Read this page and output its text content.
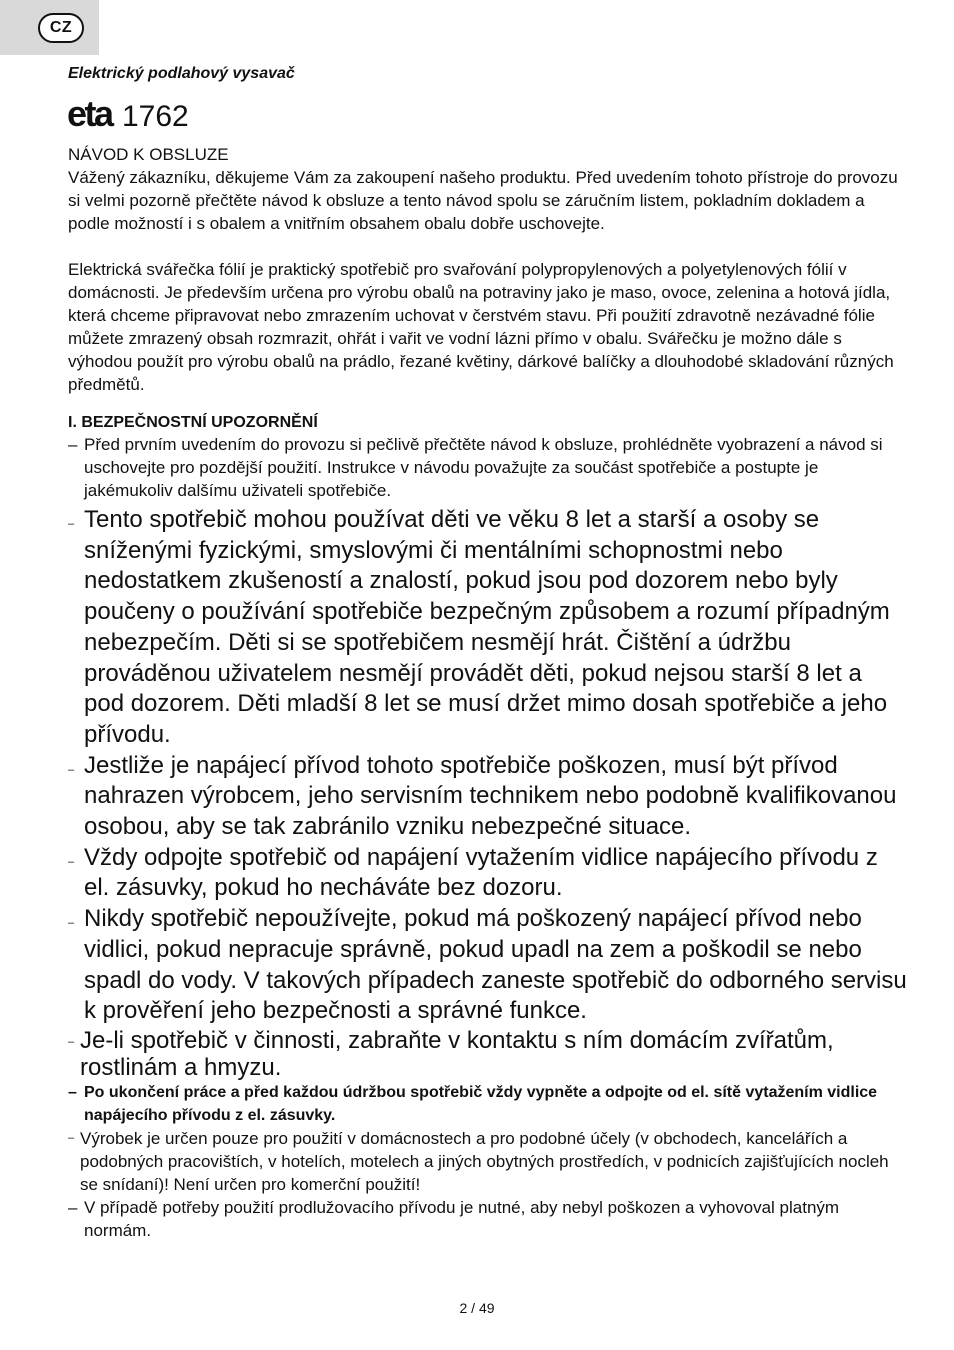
CZ
Elektrický podlahový vysavač
eta 1762

NÁVOD K OBSLUZE

Vážený zákazníku, děkujeme Vám za zakoupení našeho produktu. Před uvedením tohoto přístroje do provozu si velmi pozorně přečtěte návod k obsluze a tento návod spolu se záručním listem, pokladním dokladem a podle možností i s obalem a vnitřním obsahem obalu dobře uschovejte.

Elektrická svářečka fólií je praktický spotřebič pro svařování polypropylenových a polyetylenových fólií v domácnosti. Je především určena pro výrobu obalů na potraviny jako je maso, ovoce, zelenina a hotová jídla, která chceme připravovat nebo zmrazením uchovat v čerstvém stavu. Při použití zdravotně nezávadné fólie můžete zmrazený obsah rozmrazit, ohřát i vařit ve vodní lázni přímo v obalu. Svářečku je možno dále s výhodou použít pro výrobu obalů na prádlo, řezané květiny, dárkové balíčky a dlouhodobé skladování různých předmětů.

I. BEZPEČNOSTNÍ UPOZORNĚNÍ

– Před prvním uvedením do provozu si pečlivě přečtěte návod k obsluze, prohlédněte vyobrazení a návod si uschovejte pro pozdější použití. Instrukce v návodu považujte za součást spotřebiče a postupte je jakémukoliv dalšímu uživateli spotřebiče.
– Tento spotřebič mohou používat děti ve věku 8 let a starší a osoby se sníženými fyzickými, smyslovými či mentálními schopnostmi nebo nedostatkem zkušeností a znalostí, pokud jsou pod dozorem nebo byly poučeny o používání spotřebiče bezpečným způsobem a rozumí případným nebezpečím. Děti si se spotřebičem nesmějí hrát. Čištění a údržbu prováděnou uživatelem nesmějí provádět děti, pokud nejsou starší 8 let a pod dozorem. Děti mladší 8 let se musí držet mimo dosah spotřebiče a jeho přívodu.
– Jestliže je napájecí přívod tohoto spotřebiče poškozen, musí být přívod nahrazen výrobcem, jeho servisním technikem nebo podobně kvalifikovanou osobou, aby se tak zabránilo vzniku nebezpečné situace.
– Vždy odpojte spotřebič od napájení vytažením vidlice napájecího přívodu z el. zásuvky, pokud ho necháváte bez dozoru.
– Nikdy spotřebič nepoužívejte, pokud má poškozený napájecí přívod nebo vidlici, pokud nepracuje správně, pokud upadl na zem a poškodil se nebo spadl do vody. V takových případech zaneste spotřebič do odborného servisu k prověření jeho bezpečnosti a správné funkce.
– Je-li spotřebič v činnosti, zabraňte v kontaktu s ním domácím zvířatům, rostlinám a hmyzu.
– Po ukončení práce a před každou údržbou spotřebič vždy vypněte a odpojte od el. sítě vytažením vidlice napájecího přívodu z el. zásuvky.
– Výrobek je určen pouze pro použití v domácnostech a pro podobné účely (v obchodech, kancelářích a podobných pracovištích, v hotelích, motelech a jiných obytných prostředích, v podnicích zajišťujících nocleh se snídaní)! Není určen pro komerční použití!
– V případě potřeby použití prodlužovacího přívodu je nutné, aby nebyl poškozen a vyhovoval platným normám.
2 / 49
